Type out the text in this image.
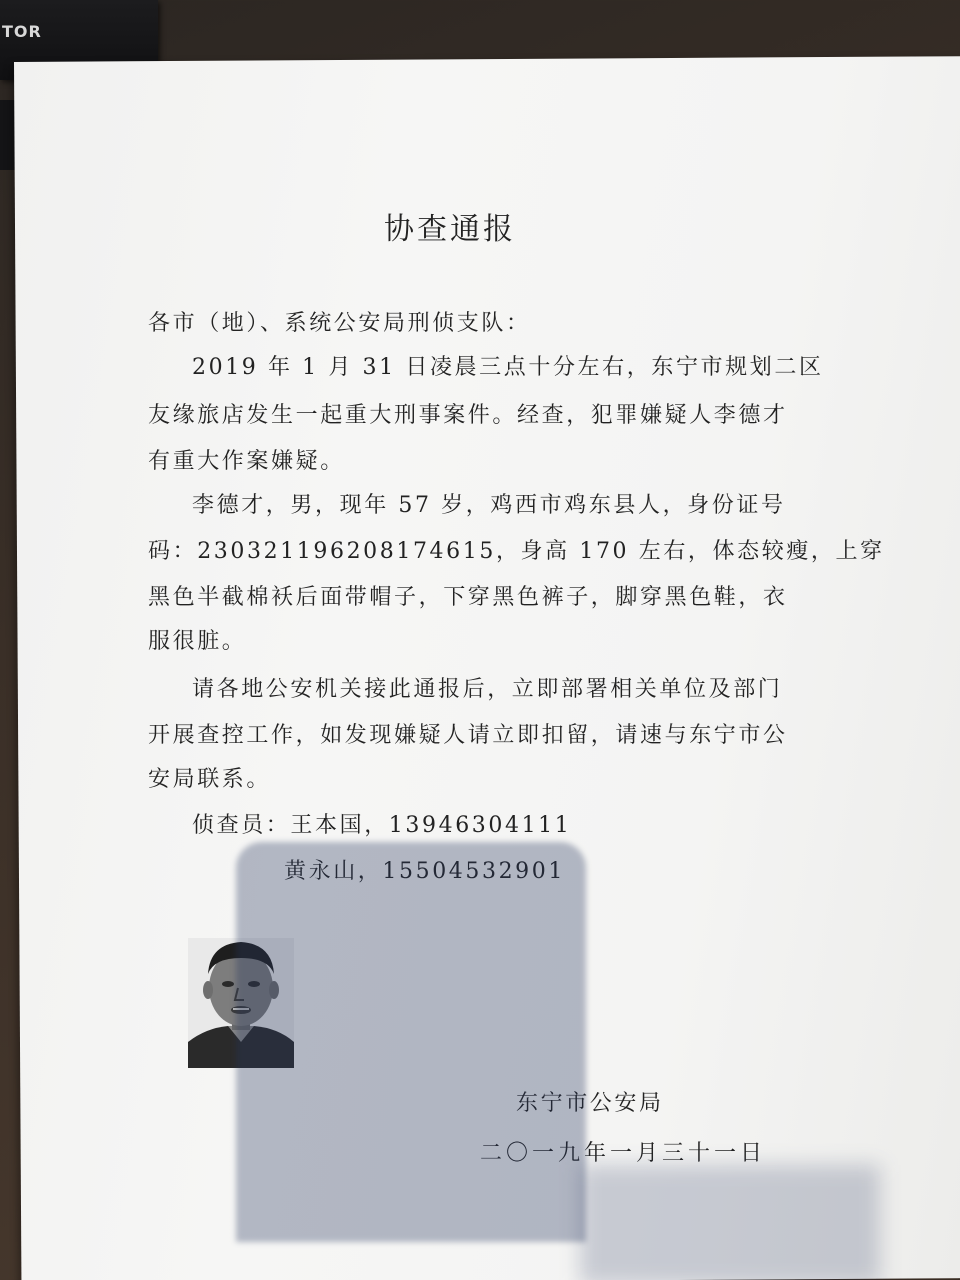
TOR
协查通报
各市（地）、系统公安局刑侦支队：
2019 年 1 月 31 日凌晨三点十分左右，东宁市规划二区
友缘旅店发生一起重大刑事案件。经查，犯罪嫌疑人李德才
有重大作案嫌疑。
李德才，男，现年 57 岁，鸡西市鸡东县人，身份证号
码：230321196208174615，身高 170 左右，体态较瘦，上穿
黑色半截棉袄后面带帽子，下穿黑色裤子，脚穿黑色鞋，衣
服很脏。
请各地公安机关接此通报后，立即部署相关单位及部门
开展查控工作，如发现嫌疑人请立即扣留，请速与东宁市公
安局联系。
侦查员：王本国，13946304111
黄永山，15504532901
东宁市公安局
二〇一九年一月三十一日
